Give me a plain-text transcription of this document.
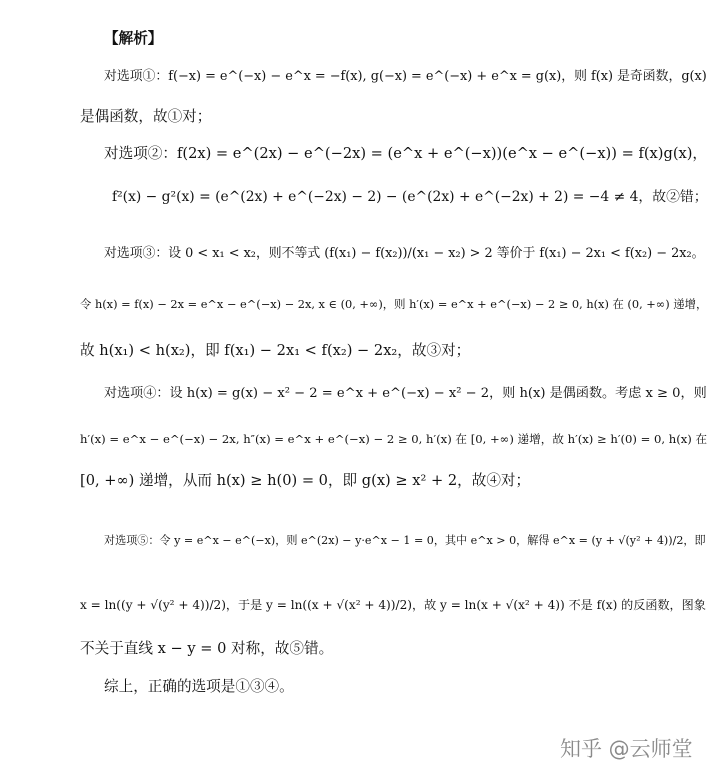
【解析】
对选项①：f(−x) = e^(−x) − e^x = −f(x), g(−x) = e^(−x) + e^x = g(x)，则 f(x) 是奇函数，g(x)
是偶函数，故①对；
对选项②：f(2x) = e^(2x) − e^(−2x) = (e^x + e^(−x))(e^x − e^(−x)) = f(x)g(x)，
f²(x) − g²(x) = (e^(2x) + e^(−2x) − 2) − (e^(2x) + e^(−2x) + 2) = −4 ≠ 4，故②错；
对选项③：设 0 < x₁ < x₂，则不等式 (f(x₁) − f(x₂))/(x₁ − x₂) > 2 等价于 f(x₁) − 2x₁ < f(x₂) − 2x₂。
令 h(x) = f(x) − 2x = e^x − e^(−x) − 2x, x ∈ (0, +∞)，则 h′(x) = e^x + e^(−x) − 2 ≥ 0, h(x) 在 (0, +∞) 递增，
故 h(x₁) < h(x₂)，即 f(x₁) − 2x₁ < f(x₂) − 2x₂，故③对；
对选项④：设 h(x) = g(x) − x² − 2 = e^x + e^(−x) − x² − 2，则 h(x) 是偶函数。考虑 x ≥ 0，则
h′(x) = e^x − e^(−x) − 2x, h″(x) = e^x + e^(−x) − 2 ≥ 0, h′(x) 在 [0, +∞) 递增，故 h′(x) ≥ h′(0) = 0, h(x) 在
[0, +∞) 递增，从而 h(x) ≥ h(0) = 0，即 g(x) ≥ x² + 2，故④对；
对选项⑤：令 y = e^x − e^(−x)，则 e^(2x) − y·e^x − 1 = 0，其中 e^x > 0，解得 e^x = (y + √(y² + 4))/2，即
x = ln((y + √(y² + 4))/2)，于是 y = ln((x + √(x² + 4))/2)，故 y = ln(x + √(x² + 4)) 不是 f(x) 的反函数，图象
不关于直线 x − y = 0 对称，故⑤错。
综上，正确的选项是①③④。
知乎 @云师堂
